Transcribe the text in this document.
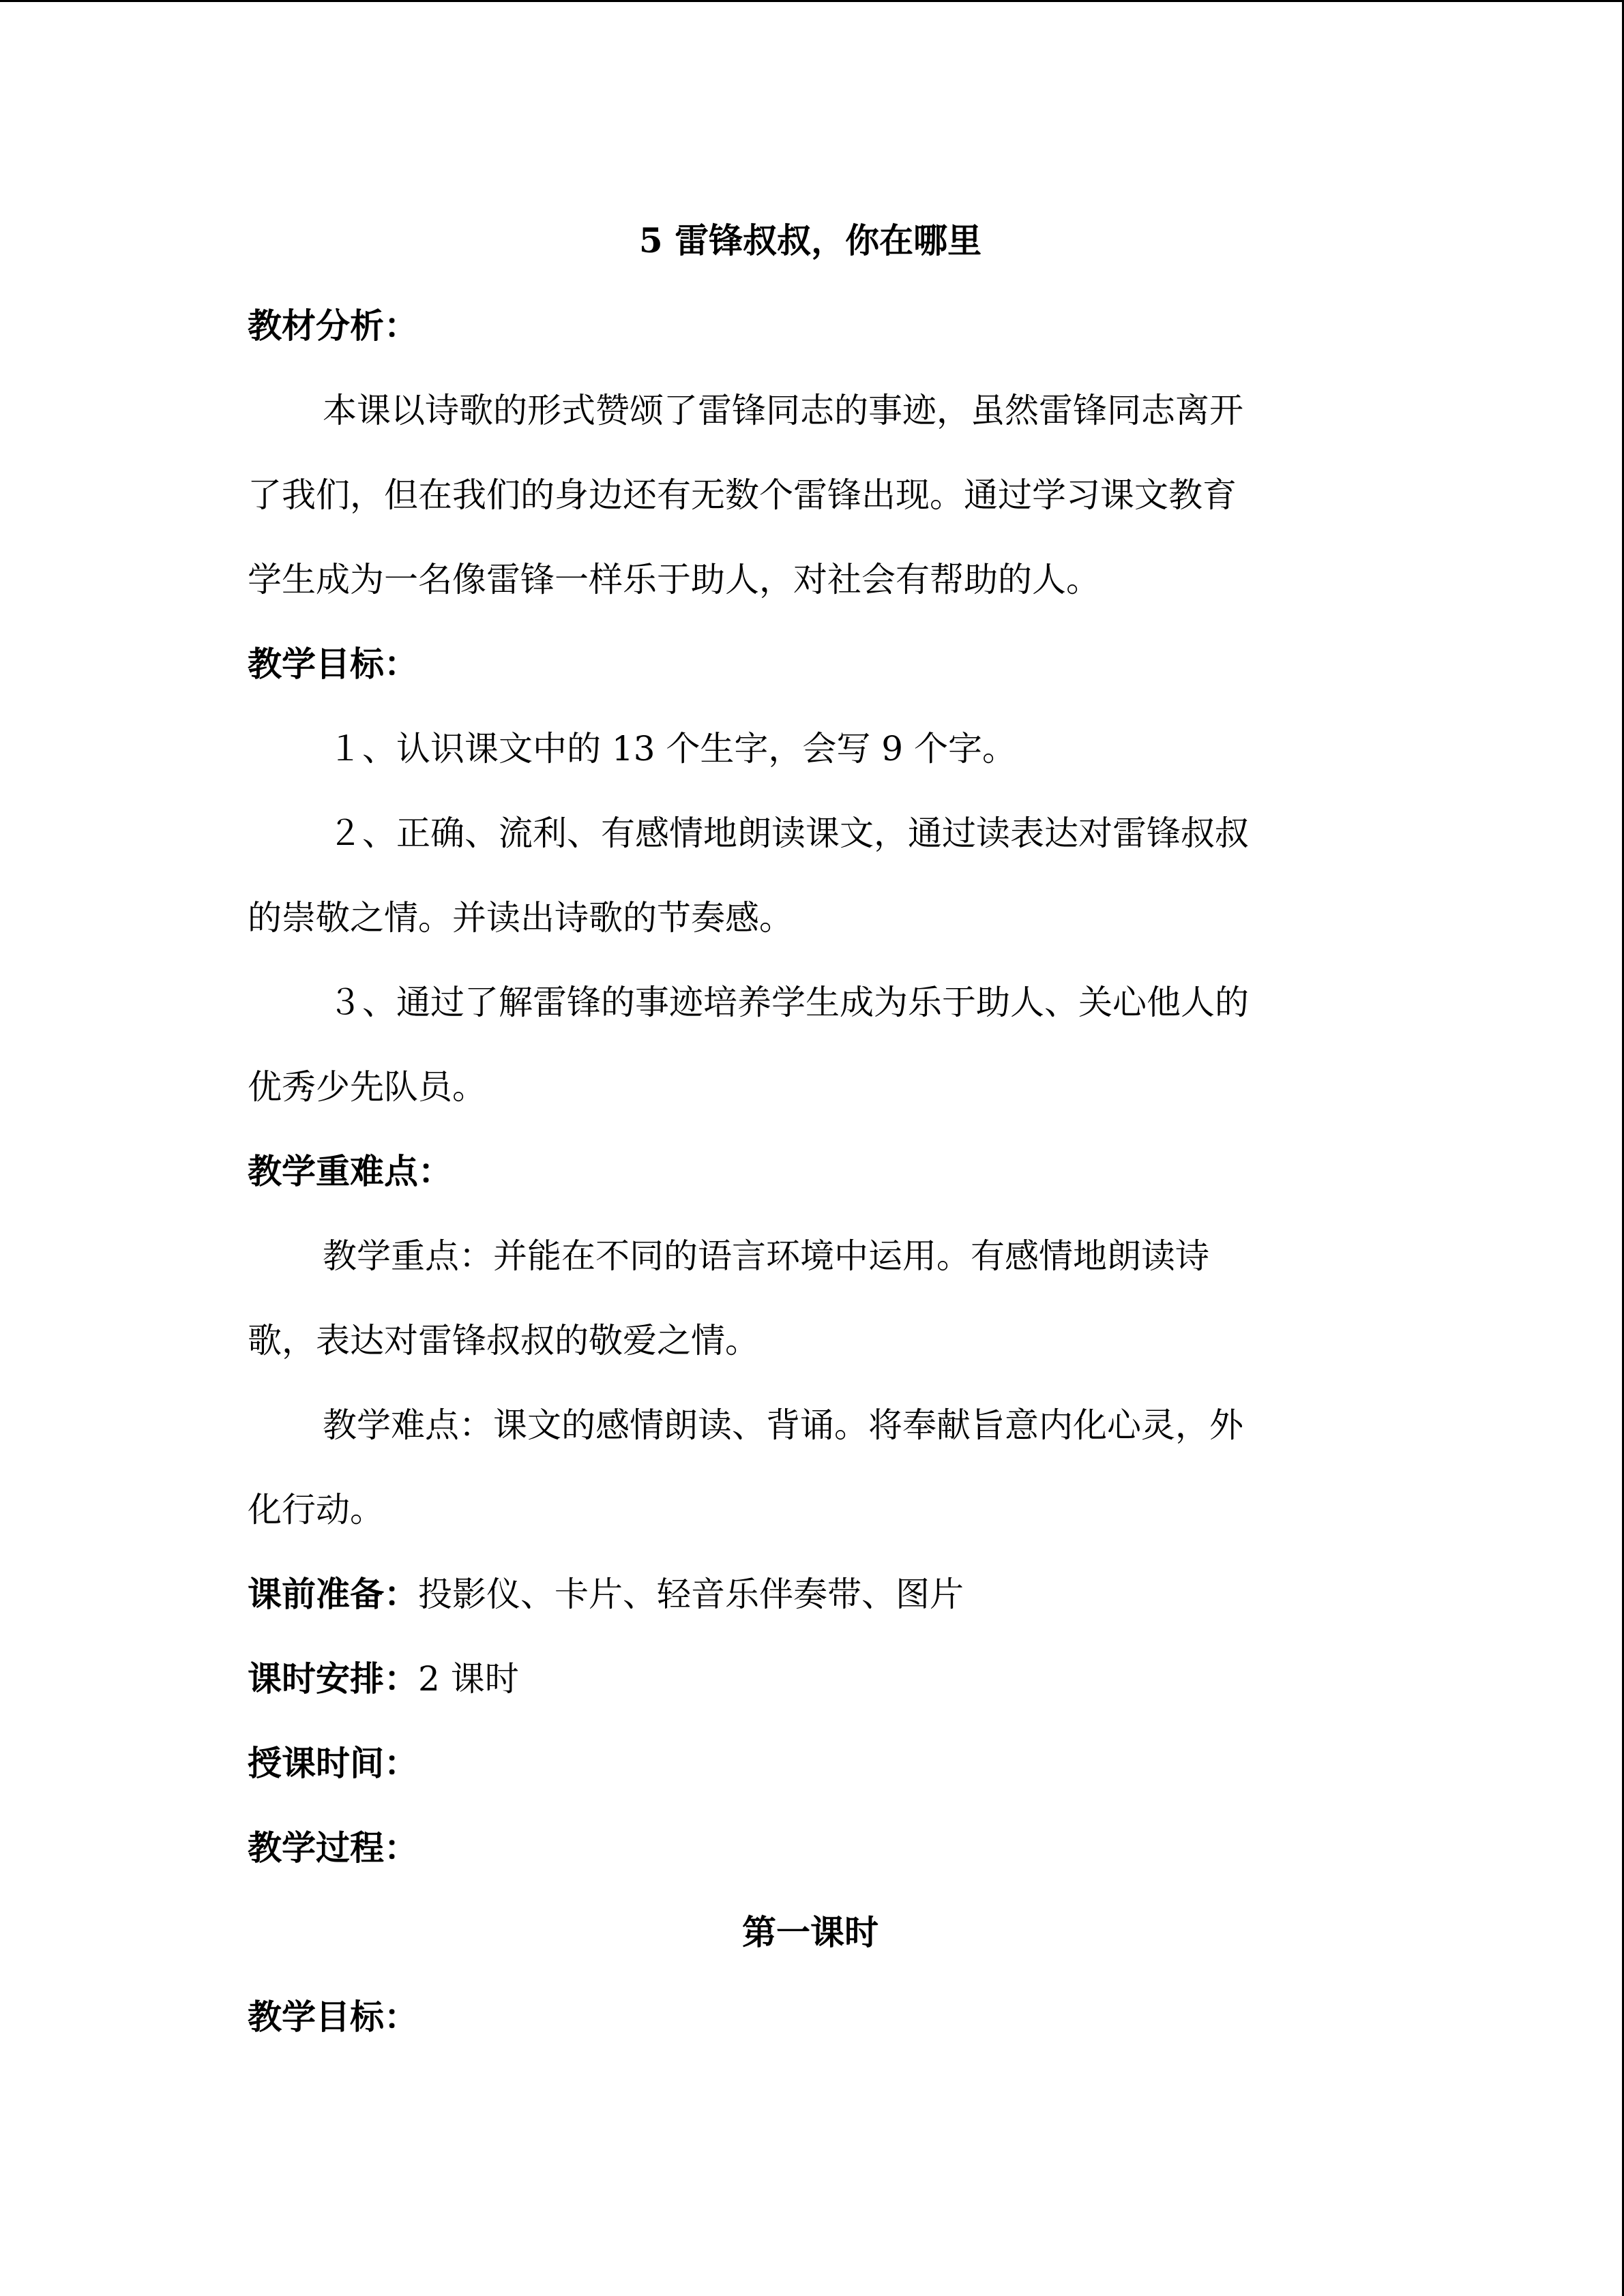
5 雷锋叔叔，你在哪里
教材分析：
本课以诗歌的形式赞颂了雷锋同志的事迹，虽然雷锋同志离开
了我们，但在我们的身边还有无数个雷锋出现。通过学习课文教育
学生成为一名像雷锋一样乐于助人，对社会有帮助的人。
教学目标：
１、认识课文中的 13 个生字，会写 9 个字。
２、正确、流利、有感情地朗读课文，通过读表达对雷锋叔叔
的崇敬之情。并读出诗歌的节奏感。
３、通过了解雷锋的事迹培养学生成为乐于助人、关心他人的
优秀少先队员。
教学重难点：
教学重点：并能在不同的语言环境中运用。有感情地朗读诗
歌，表达对雷锋叔叔的敬爱之情。
教学难点：课文的感情朗读、背诵。将奉献旨意内化心灵，外
化行动。
课前准备：投影仪、卡片、轻音乐伴奏带、图片
课时安排：2 课时
授课时间：
教学过程：
第一课时
教学目标：
